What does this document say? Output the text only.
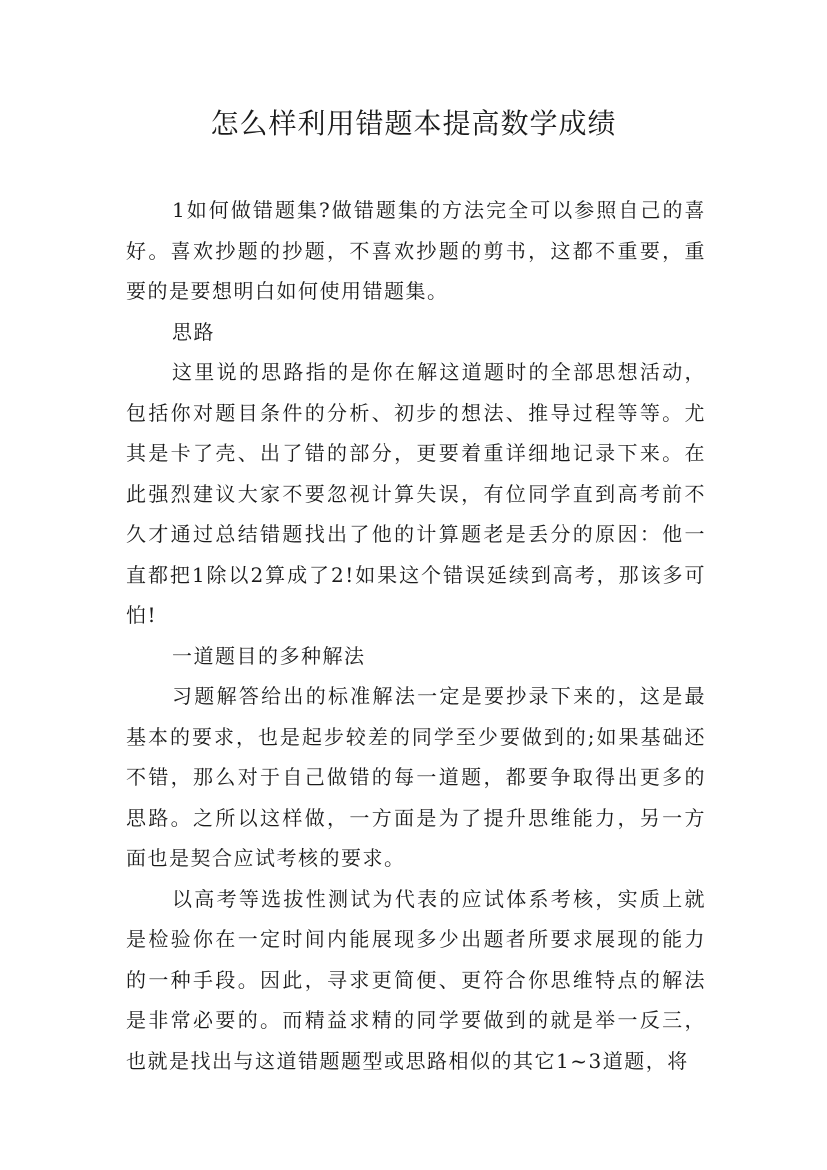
怎么样利用错题本提高数学成绩

1如何做错题集?做错题集的方法完全可以参照自己的喜好。喜欢抄题的抄题，不喜欢抄题的剪书，这都不重要，重要的是要想明白如何使用错题集。

思路

这里说的思路指的是你在解这道题时的全部思想活动，包括你对题目条件的分析、初步的想法、推导过程等等。尤其是卡了壳、出了错的部分，更要着重详细地记录下来。在此强烈建议大家不要忽视计算失误，有位同学直到高考前不久才通过总结错题找出了他的计算题老是丢分的原因：他一直都把1除以2算成了2!如果这个错误延续到高考，那该多可怕!

一道题目的多种解法

习题解答给出的标准解法一定是要抄录下来的，这是最基本的要求，也是起步较差的同学至少要做到的;如果基础还不错，那么对于自己做错的每一道题，都要争取得出更多的思路。之所以这样做，一方面是为了提升思维能力，另一方面也是契合应试考核的要求。

以高考等选拔性测试为代表的应试体系考核，实质上就是检验你在一定时间内能展现多少出题者所要求展现的能力的一种手段。因此，寻求更简便、更符合你思维特点的解法是非常必要的。而精益求精的同学要做到的就是举一反三，也就是找出与这道错题题型或思路相似的其它1~3道题，将
